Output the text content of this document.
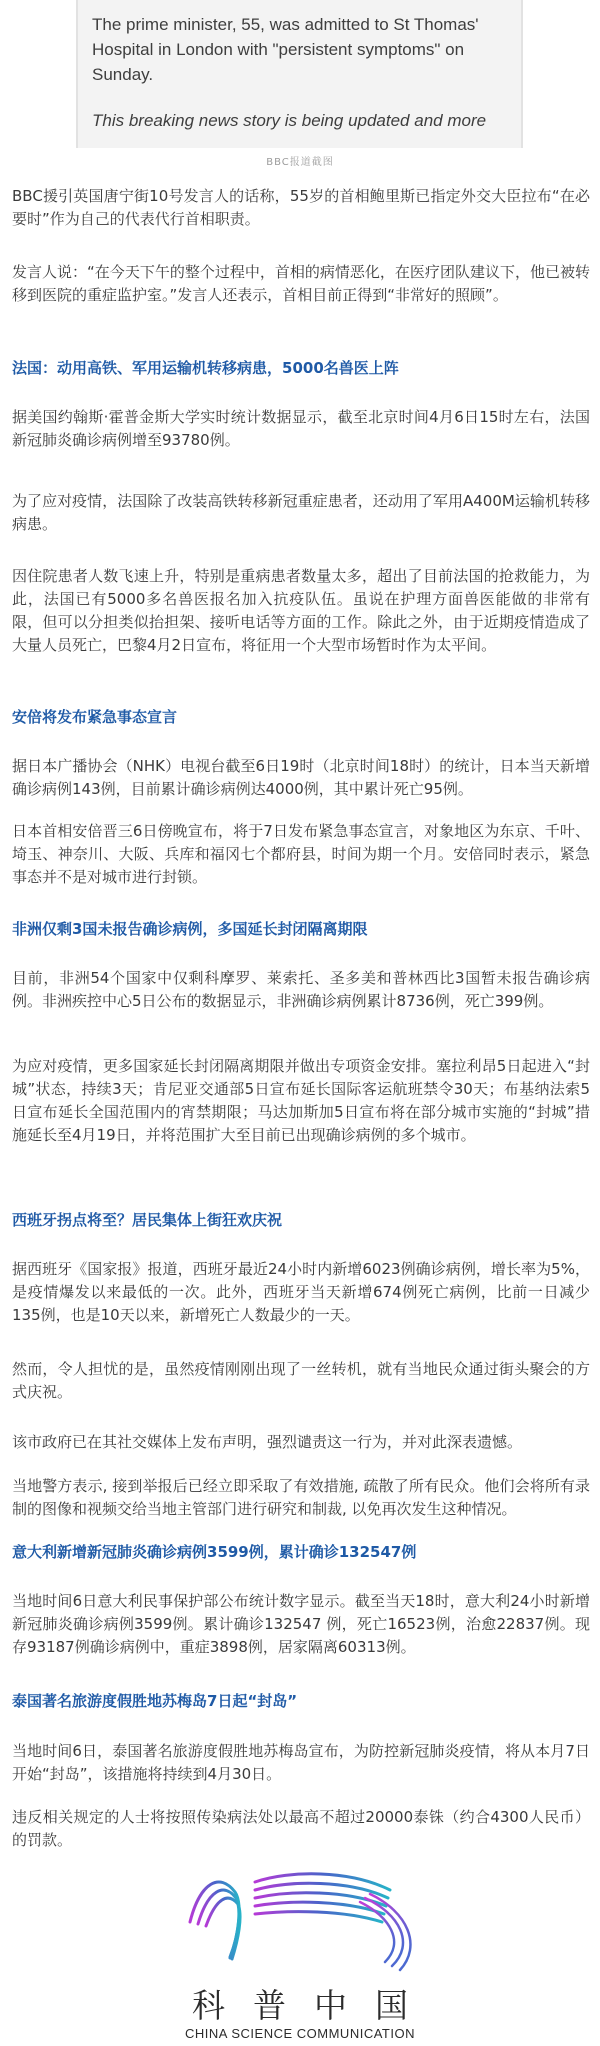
The prime minister, 55, was admitted to St Thomas' Hospital in London with "persistent symptoms" on Sunday.

This breaking news story is being updated and more

BBC报道截图

BBC援引英国唐宁街10号发言人的话称，55岁的首相鲍里斯已指定外交大臣拉布“在必要时”作为自己的代表代行首相职责。

发言人说：“在今天下午的整个过程中，首相的病情恶化，在医疗团队建议下，他已被转移到医院的重症监护室。”发言人还表示，首相目前正得到“非常好的照顾”。

法国：动用高铁、军用运输机转移病患，5000名兽医上阵

据美国约翰斯·霍普金斯大学实时统计数据显示，截至北京时间4月6日15时左右，法国新冠肺炎确诊病例增至93780例。

为了应对疫情，法国除了改装高铁转移新冠重症患者，还动用了军用A400M运输机转移病患。

因住院患者人数飞速上升，特别是重病患者数量太多，超出了目前法国的抢救能力，为此，法国已有5000多名兽医报名加入抗疫队伍。虽说在护理方面兽医能做的非常有限，但可以分担类似抬担架、接听电话等方面的工作。除此之外，由于近期疫情造成了大量人员死亡，巴黎4月2日宣布，将征用一个大型市场暂时作为太平间。

安倍将发布紧急事态宣言

据日本广播协会（NHK）电视台截至6日19时（北京时间18时）的统计，日本当天新增确诊病例143例，目前累计确诊病例达4000例，其中累计死亡95例。

日本首相安倍晋三6日傍晚宣布，将于7日发布紧急事态宣言，对象地区为东京、千叶、埼玉、神奈川、大阪、兵库和福冈七个都府县，时间为期一个月。安倍同时表示，紧急事态并不是对城市进行封锁。

非洲仅剩3国未报告确诊病例，多国延长封闭隔离期限

目前，非洲54个国家中仅剩科摩罗、莱索托、圣多美和普林西比3国暂未报告确诊病例。非洲疾控中心5日公布的数据显示，非洲确诊病例累计8736例，死亡399例。

为应对疫情，更多国家延长封闭隔离期限并做出专项资金安排。塞拉利昂5日起进入“封城”状态，持续3天；肯尼亚交通部5日宣布延长国际客运航班禁令30天；布基纳法索5日宣布延长全国范围内的宵禁期限；马达加斯加5日宣布将在部分城市实施的“封城”措施延长至4月19日，并将范围扩大至目前已出现确诊病例的多个城市。

西班牙拐点将至？居民集体上街狂欢庆祝

据西班牙《国家报》报道，西班牙最近24小时内新增6023例确诊病例，增长率为5%，是疫情爆发以来最低的一次。此外，西班牙当天新增674例死亡病例，比前一日减少135例，也是10天以来，新增死亡人数最少的一天。

然而，令人担忧的是，虽然疫情刚刚出现了一丝转机，就有当地民众通过街头聚会的方式庆祝。

该市政府已在其社交媒体上发布声明，强烈谴责这一行为，并对此深表遗憾。

当地警方表示, 接到举报后已经立即采取了有效措施, 疏散了所有民众。他们会将所有录制的图像和视频交给当地主管部门进行研究和制裁, 以免再次发生这种情况。

意大利新增新冠肺炎确诊病例3599例，累计确诊132547例

当地时间6日意大利民事保护部公布统计数字显示。截至当天18时，意大利24小时新增新冠肺炎确诊病例3599例。累计确诊132547 例，死亡16523例，治愈22837例。现存93187例确诊病例中，重症3898例，居家隔离60313例。

泰国著名旅游度假胜地苏梅岛7日起“封岛”

当地时间6日，泰国著名旅游度假胜地苏梅岛宣布，为防控新冠肺炎疫情，将从本月7日开始“封岛”，该措施将持续到4月30日。

违反相关规定的人士将按照传染病法处以最高不超过20000泰铢（约合4300人民币）的罚款。

科普中国
CHINA SCIENCE COMMUNICATION
